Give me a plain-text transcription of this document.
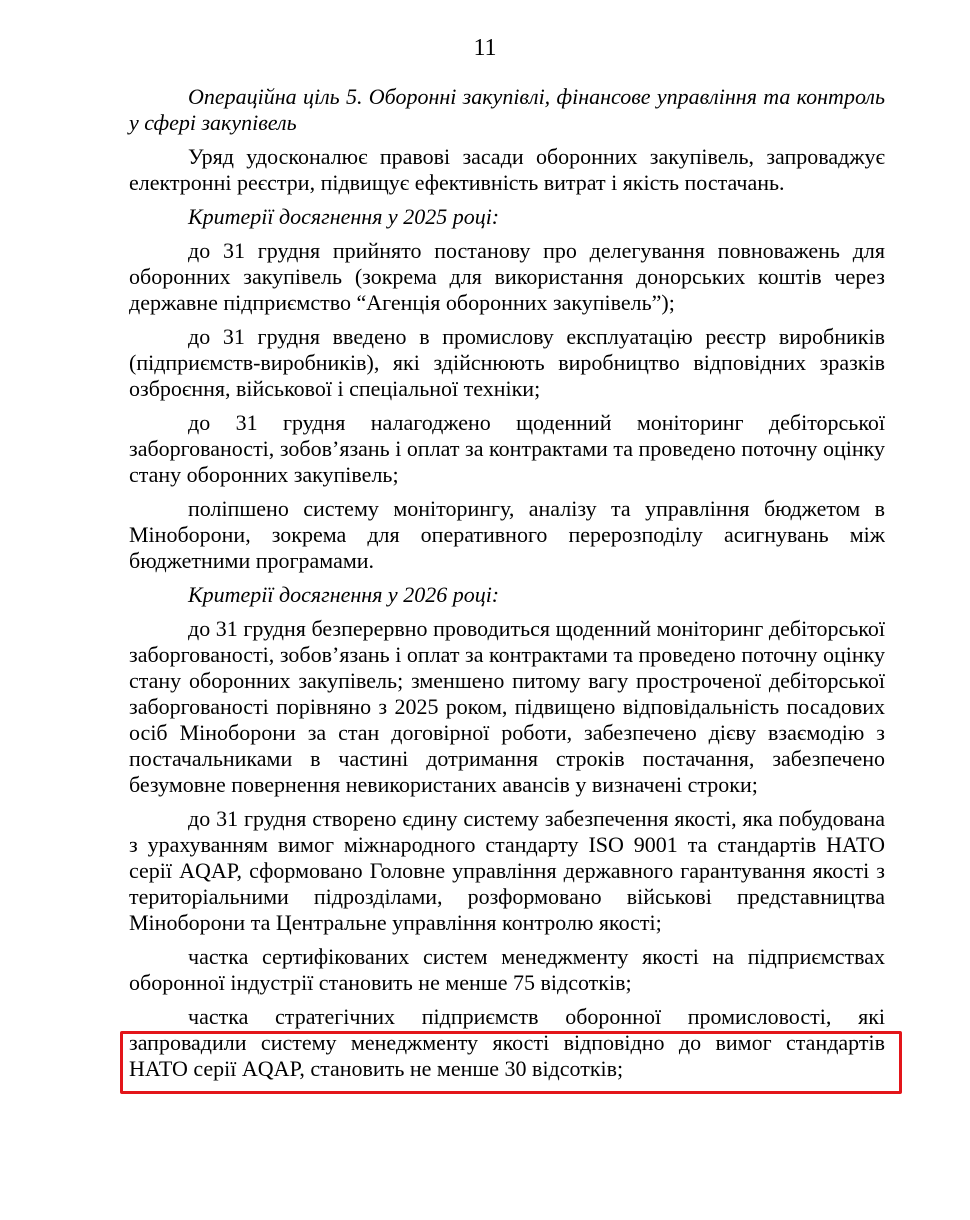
11

Операційна ціль 5. Оборонні закупівлі, фінансове управління та контроль у сфері закупівель

Уряд удосконалює правові засади оборонних закупівель, запроваджує електронні реєстри, підвищує ефективність витрат і якість постачань.

Критерії досягнення у 2025 році:

до 31 грудня прийнято постанову про делегування повноважень для оборонних закупівель (зокрема для використання донорських коштів через державне підприємство “Агенція оборонних закупівель”);

до 31 грудня введено в промислову експлуатацію реєстр виробників (підприємств-виробників), які здійснюють виробництво відповідних зразків озброєння, військової і спеціальної техніки;

до 31 грудня налагоджено щоденний моніторинг дебіторської заборгованості, зобов’язань і оплат за контрактами та проведено поточну оцінку стану оборонних закупівель;

поліпшено систему моніторингу, аналізу та управління бюджетом в Міноборони, зокрема для оперативного перерозподілу асигнувань між бюджетними програмами.

Критерії досягнення у 2026 році:

до 31 грудня безперервно проводиться щоденний моніторинг дебіторської заборгованості, зобов’язань і оплат за контрактами та проведено поточну оцінку стану оборонних закупівель; зменшено питому вагу простроченої дебіторської заборгованості порівняно з 2025 роком, підвищено відповідальність посадових осіб Міноборони за стан договірної роботи, забезпечено дієву взаємодію з постачальниками в частині дотримання строків постачання, забезпечено безумовне повернення невикористаних авансів у визначені строки;

до 31 грудня створено єдину систему забезпечення якості, яка побудована з урахуванням вимог міжнародного стандарту ISO 9001 та стандартів НАТО серії AQAP, сформовано Головне управління державного гарантування якості з територіальними підрозділами, розформовано військові представництва Міноборони та Центральне управління контролю якості;

частка сертифікованих систем менеджменту якості на підприємствах оборонної індустрії становить не менше 75 відсотків;

частка стратегічних підприємств оборонної промисловості, які запровадили систему менеджменту якості відповідно до вимог стандартів НАТО серії AQAP, становить не менше 30 відсотків;
